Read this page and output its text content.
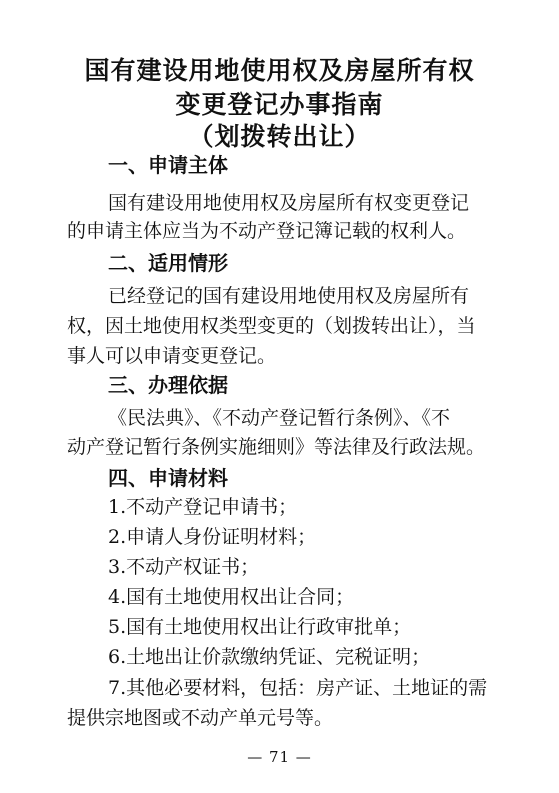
国有建设用地使用权及房屋所有权
变更登记办事指南
（划拨转出让）
一、申请主体
国有建设用地使用权及房屋所有权变更登记
的申请主体应当为不动产登记簿记载的权利人。
二、适用情形
已经登记的国有建设用地使用权及房屋所有
权，因土地使用权类型变更的（划拨转出让），当
事人可以申请变更登记。
三、办理依据
《民法典》、《不动产登记暂行条例》、《不
动产登记暂行条例实施细则》等法律及行政法规。
四、申请材料
1.不动产登记申请书；
2.申请人身份证明材料；
3.不动产权证书；
4.国有土地使用权出让合同；
5.国有土地使用权出让行政审批单；
6.土地出让价款缴纳凭证、完税证明；
7.其他必要材料，包括：房产证、土地证的需
提供宗地图或不动产单元号等。
— 71 —
